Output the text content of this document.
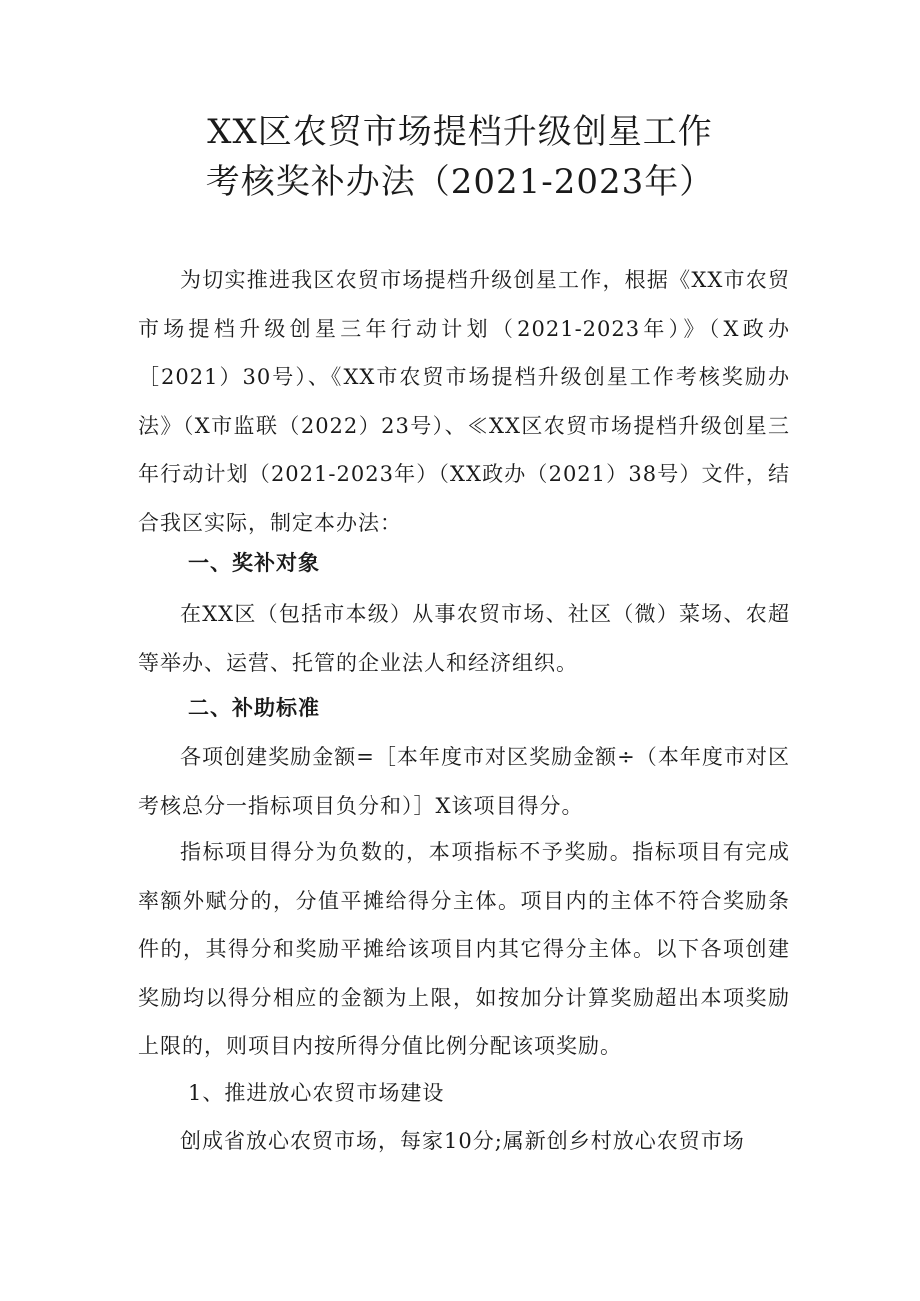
XX区农贸市场提档升级创星工作
考核奖补办法（2021-2023年）

为切实推进我区农贸市场提档升级创星工作，根据《XX市农贸市场提档升级创星三年行动计划（2021-2023年）》（X政办［2021）30号）、《XX市农贸市场提档升级创星工作考核奖励办法》（X市监联（2022）23号）、≪XX区农贸市场提档升级创星三年行动计划（2021-2023年）（XX政办（2021）38号）文件，结合我区实际，制定本办法：

一、奖补对象

在XX区（包括市本级）从事农贸市场、社区（微）菜场、农超等举办、运营、托管的企业法人和经济组织。

二、补助标准

各项创建奖励金额=［本年度市对区奖励金额÷（本年度市对区考核总分一指标项目负分和）］X该项目得分。

指标项目得分为负数的，本项指标不予奖励。指标项目有完成率额外赋分的，分值平摊给得分主体。项目内的主体不符合奖励条件的，其得分和奖励平摊给该项目内其它得分主体。以下各项创建奖励均以得分相应的金额为上限，如按加分计算奖励超出本项奖励上限的，则项目内按所得分值比例分配该项奖励。

1、推进放心农贸市场建设

创成省放心农贸市场，每家10分;属新创乡村放心农贸市场
